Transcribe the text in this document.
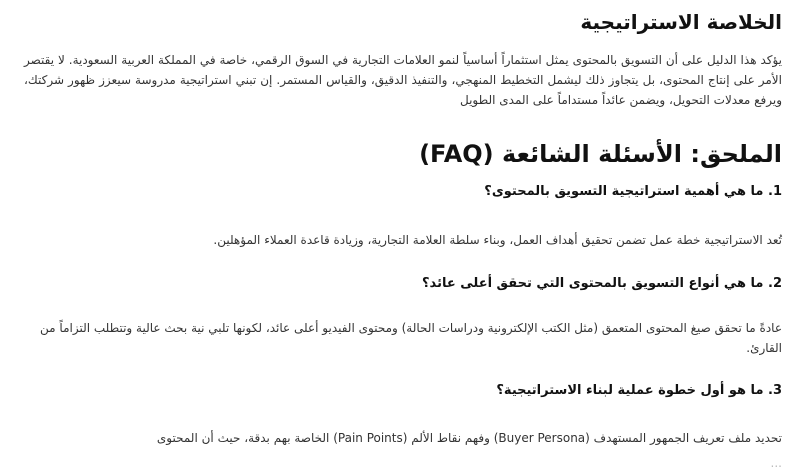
الخلاصة الاستراتيجية

يؤكد هذا الدليل على أن التسويق بالمحتوى يمثل استثماراً أساسياً لنمو العلامات التجارية في السوق الرقمي، خاصة في المملكة العربية السعودية. لا يقتصر الأمر على إنتاج المحتوى، بل يتجاوز ذلك ليشمل التخطيط المنهجي، والتنفيذ الدقيق، والقياس المستمر. إن تبني استراتيجية مدروسة سيعزز ظهور شركتك، ويرفع معدلات التحويل، ويضمن عائداً مستداماً على المدى الطويل

الملحق: الأسئلة الشائعة (FAQ)

1. ما هي أهمية استراتيجية التسويق بالمحتوى؟

تُعد الاستراتيجية خطة عمل تضمن تحقيق أهداف العمل، وبناء سلطة العلامة التجارية، وزيادة قاعدة العملاء المؤهلين.

2. ما هي أنواع التسويق بالمحتوى التي تحقق أعلى عائد؟

عادةً ما تحقق صيغ المحتوى المتعمق (مثل الكتب الإلكترونية ودراسات الحالة) ومحتوى الفيديو أعلى عائد، لكونها تلبي نية بحث عالية وتتطلب التزاماً من القارئ.

3. ما هو أول خطوة عملية لبناء الاستراتيجية؟

تحديد ملف تعريف الجمهور المستهدف (Buyer Persona) وفهم نقاط الألم (Pain Points) الخاصة بهم بدقة، حيث أن المحتوى

...
